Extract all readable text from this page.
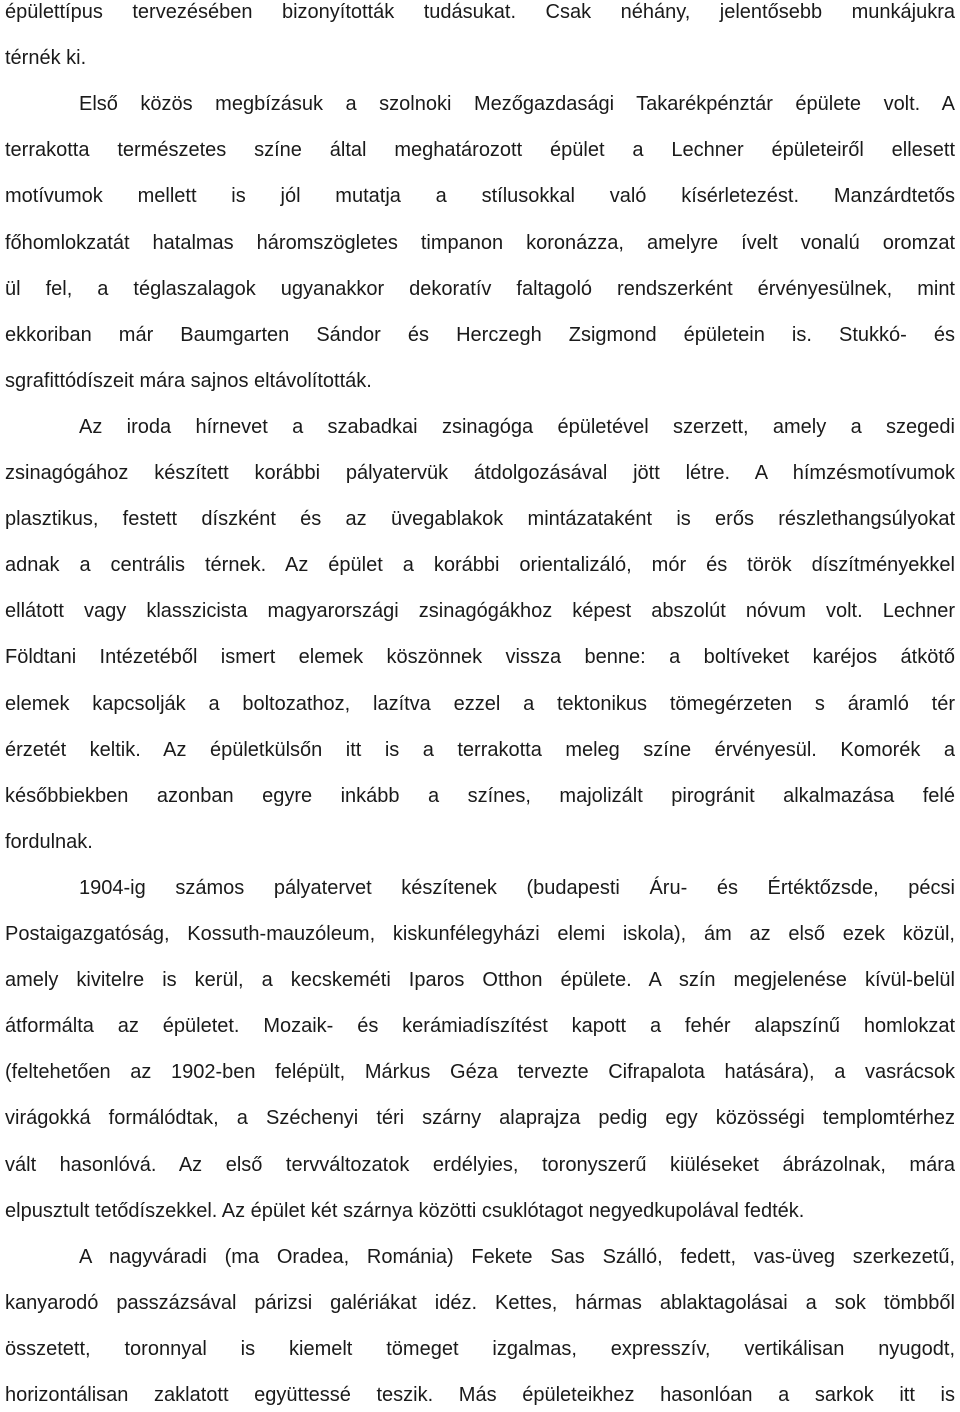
épülettípus tervezésében bizonyították tudásukat. Csak néhány, jelentősebb munkájukra
térnék ki.
Első közös megbízásuk a szolnoki Mezőgazdasági Takarékpénztár épülete volt. A
terrakotta természetes színe által meghatározott épület a Lechner épületeiről ellesett
motívumok mellett is jól mutatja a stílusokkal való kísérletezést. Manzárdtetős
főhomlokzatát hatalmas háromszögletes timpanon koronázza, amelyre ívelt vonalú oromzat
ül fel, a téglaszalagok ugyanakkor dekoratív faltagoló rendszerként érvényesülnek, mint
ekkoriban már Baumgarten Sándor és Herczegh Zsigmond épületein is. Stukkó- és
sgrafittódíszeit mára sajnos eltávolították.
Az iroda hírnevet a szabadkai zsinagóga épületével szerzett, amely a szegedi
zsinagógához készített korábbi pályatervük átdolgozásával jött létre. A hímzésmotívumok
plasztikus, festett díszként és az üvegablakok mintázataként is erős részlethangsúlyokat
adnak a centrális térnek. Az épület a korábbi orientalizáló, mór és török díszítményekkel
ellátott vagy klasszicista magyarországi zsinagógákhoz képest abszolút nóvum volt. Lechner
Földtani Intézetéből ismert elemek köszönnek vissza benne: a boltíveket karéjos átkötő
elemek kapcsolják a boltozathoz, lazítva ezzel a tektonikus tömegérzeten s áramló tér
érzetét keltik. Az épületkülsőn itt is a terrakotta meleg színe érvényesül. Komorék a
későbbiekben azonban egyre inkább a színes, majolizált pirogránit alkalmazása felé
fordulnak.
1904-ig számos pályatervet készítenek (budapesti Áru- és Értéktőzsde, pécsi
Postaigazgatóság, Kossuth-mauzóleum, kiskunfélegyházi elemi iskola), ám az első ezek közül,
amely kivitelre is kerül, a kecskeméti Iparos Otthon épülete. A szín megjelenése kívül-belül
átformálta az épületet. Mozaik- és kerámiadíszítést kapott a fehér alapszínű homlokzat
(feltehetően az 1902-ben felépült, Márkus Géza tervezte Cifrapalota hatására), a vasrácsok
virágokká formálódtak, a Széchenyi téri szárny alaprajza pedig egy közösségi templomtérhez
vált hasonlóvá. Az első tervváltozatok erdélyies, toronyszerű kiüléseket ábrázolnak, mára
elpusztult tetődíszekkel. Az épület két szárnya közötti csuklótagot negyedkupolával fedték.
A nagyváradi (ma Oradea, Románia) Fekete Sas Szálló, fedett, vas-üveg szerkezetű,
kanyarodó passzázsával párizsi galériákat idéz. Kettes, hármas ablaktagolásai a sok tömbből
összetett, toronnyal is kiemelt tömeget izgalmas, expresszív, vertikálisan nyugodt,
horizontálisan zaklatott együttessé teszik. Más épületeikhez hasonlóan a sarkok itt is
